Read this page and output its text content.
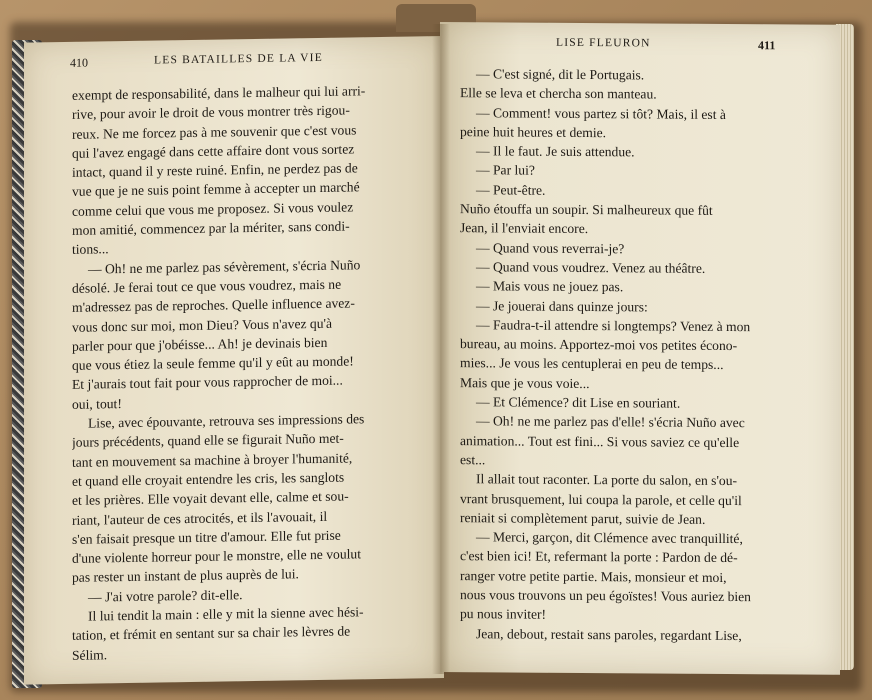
410	LES BATAILLES DE LA VIE
exempt de responsabilité, dans le malheur qui lui arri-
rive, pour avoir le droit de vous montrer très rigou-
reux. Ne me forcez pas à me souvenir que c'est vous
qui l'avez engagé dans cette affaire dont vous sortez
intact, quand il y reste ruiné. Enfin, ne perdez pas de
vue que je ne suis point femme à accepter un marché
comme celui que vous me proposez. Si vous voulez
mon amitié, commencez par la mériter, sans condi-
tions...
— Oh! ne me parlez pas sévèrement, s'écria Nuño
désolé. Je ferai tout ce que vous voudrez, mais ne
m'adressez pas de reproches. Quelle influence avez-
vous donc sur moi, mon Dieu? Vous n'avez qu'à
parler pour que j'obéisse... Ah! je devinais bien
que vous étiez la seule femme qu'il y eût au monde!
Et j'aurais tout fait pour vous rapprocher de moi...
oui, tout!
Lise, avec épouvante, retrouva ses impressions des
jours précédents, quand elle se figurait Nuño met-
tant en mouvement sa machine à broyer l'humanité,
et quand elle croyait entendre les cris, les sanglots
et les prières. Elle voyait devant elle, calme et sou-
riant, l'auteur de ces atrocités, et ils l'avouait, il
s'en faisait presque un titre d'amour. Elle fut prise
d'une violente horreur pour le monstre, elle ne voulut
pas rester un instant de plus auprès de lui.
— J'ai votre parole? dit-elle.
Il lui tendit la main : elle y mit la sienne avec hési-
tation, et frémit en sentant sur sa chair les lèvres de
Sélim.
LISE FLEURON	411
— C'est signé, dit le Portugais.
Elle se leva et chercha son manteau.
— Comment! vous partez si tôt? Mais, il est à
peine huit heures et demie.
— Il le faut. Je suis attendue.
— Par lui?
— Peut-être.
Nuño étouffa un soupir. Si malheureux que fût
Jean, il l'enviait encore.
— Quand vous reverrai-je?
— Quand vous voudrez. Venez au théâtre.
— Mais vous ne jouez pas.
— Je jouerai dans quinze jours:
— Faudra-t-il attendre si longtemps? Venez à mon
bureau, au moins. Apportez-moi vos petites écono-
mies... Je vous les centuplerai en peu de temps...
Mais que je vous voie...
— Et Clémence? dit Lise en souriant.
— Oh! ne me parlez pas d'elle! s'écria Nuño avec
animation... Tout est fini... Si vous saviez ce qu'elle
est...
Il allait tout raconter. La porte du salon, en s'ou-
vrant brusquement, lui coupa la parole, et celle qu'il
reniait si complètement parut, suivie de Jean.
— Merci, garçon, dit Clémence avec tranquillité,
c'est bien ici! Et, refermant la porte : Pardon de dé-
ranger votre petite partie. Mais, monsieur et moi,
nous vous trouvons un peu égoïstes! Vous auriez bien
pu nous inviter!
Jean, debout, restait sans paroles, regardant Lise,
